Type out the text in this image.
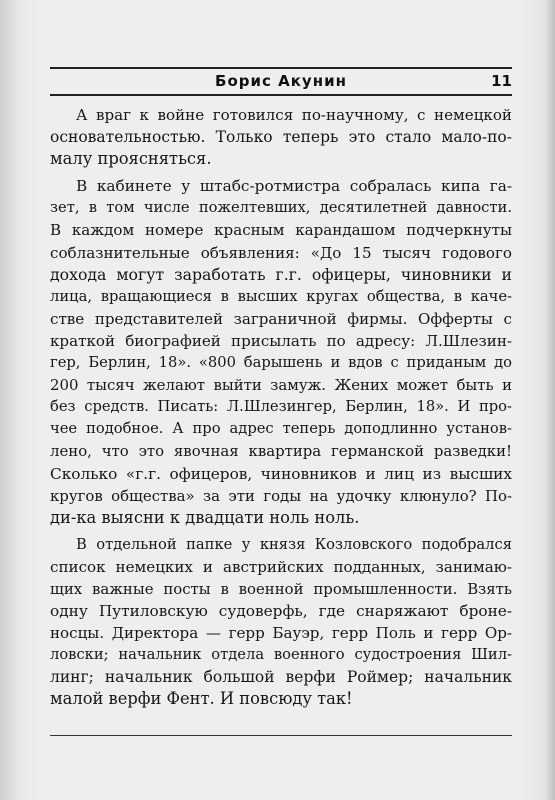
Борис Акунин	11

А враг к войне готовился по-научному, с немецкой
основательностью. Только теперь это стало мало-по-
малу проясняться.

В кабинете у штабс-ротмистра собралась кипа га-
зет, в том числе пожелтевших, десятилетней давности.
В каждом номере красным карандашом подчеркнуты
соблазнительные объявления: «До 15 тысяч годового
дохода могут заработать г.г. офицеры, чиновники и
лица, вращающиеся в высших кругах общества, в каче-
стве представителей заграничной фирмы. Офферты с
краткой биографией присылать по адресу: Л.Шлезин-
гер, Берлин, 18». «800 барышень и вдов с приданым до
200 тысяч желают выйти замуж. Жених может быть и
без средств. Писать: Л.Шлезингер, Берлин, 18». И про-
чее подобное. А про адрес теперь доподлинно установ-
лено, что это явочная квартира германской разведки!
Сколько «г.г. офицеров, чиновников и лиц из высших
кругов общества» за эти годы на удочку клюнуло? По-
ди-ка выясни к двадцати ноль ноль.

В отдельной папке у князя Козловского подобрался
список немецких и австрийских подданных, занимаю-
щих важные посты в военной промышленности. Взять
одну Путиловскую судоверфь, где снаряжают броне-
носцы. Директора — герр Бауэр, герр Поль и герр Ор-
ловски; начальник отдела военного судостроения Шил-
линг; начальник большой верфи Роймер; начальник
малой верфи Фент. И повсюду так!
